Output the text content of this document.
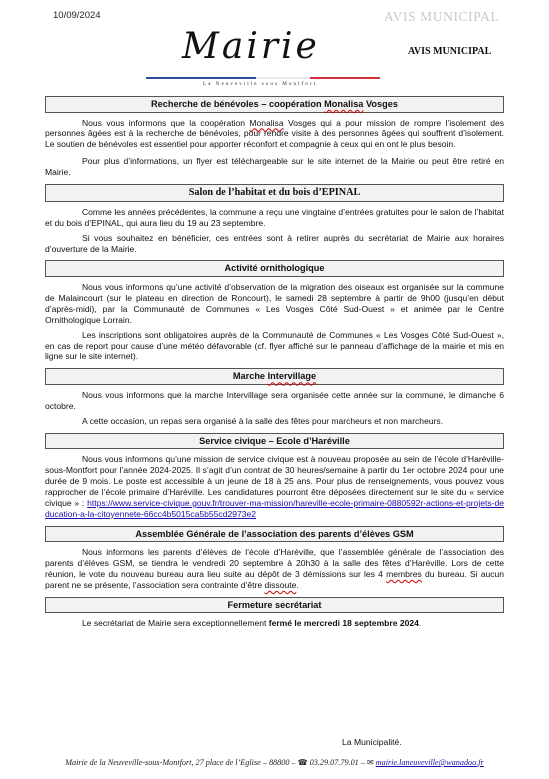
10/09/2024	AVIS MUNICIPAL
AVIS MUNICIPAL
Mairie
La Neuveville sous Montfort
Recherche de bénévoles – coopération Monalisa Vosges

Nous vous informons que la coopération Monalisa Vosges qui a pour mission de rompre l’isolement des personnes âgées est à la recherche de bénévoles, pour rendre visite à des personnes âgées qui souffrent d’isolement. Le soutien de bénévoles est essentiel pour apporter réconfort et compagnie à ceux qui en ont le plus besoin.

Pour plus d’informations, un flyer est téléchargeable sur le site internet de la Mairie ou peut être retiré en Mairie.

Salon de l’habitat et du bois d’EPINAL

Comme les années précédentes, la commune a reçu une vingtaine d’entrées gratuites pour le salon de l’habitat et du bois d’EPINAL, qui aura lieu du 19 au 23 septembre.

Si vous souhaitez en bénéficier, ces entrées sont à retirer auprès du secrétariat de Mairie aux horaires d’ouverture de la Mairie.

Activité ornithologique

Nous vous informons qu’une activité d’observation de la migration des oiseaux est organisée sur la commune de Malaincourt (sur le plateau en direction de Roncourt), le samedi 28 septembre à partir de 9h00 (jusqu’en début d’après-midi), par la Communauté de Communes « Les Vosges Côté Sud-Ouest » et animée par le Centre Ornithologique Lorrain.

Les inscriptions sont obligatoires auprès de la Communauté de Communes « Les Vosges Côté Sud-Ouest », en cas de report pour cause d’une météo défavorable (cf. flyer affiché sur le panneau d’affichage de la mairie et mis en ligne sur le site internet).

Marche Intervillage

Nous vous informons que la marche Intervillage sera organisée cette année sur la commune, le dimanche 6 octobre.

A cette occasion, un repas sera organisé à la salle des fêtes pour marcheurs et non marcheurs.

Service civique – Ecole d’Haréville

Nous vous informons qu’une mission de service civique est à nouveau proposée au sein de l’école d’Haréville-sous-Montfort pour l’année 2024-2025. Il s’agit d’un contrat de 30 heures/semaine à partir du 1er octobre 2024 pour une durée de 9 mois. Le poste est accessible à un jeune de 18 à 25 ans. Pour plus de renseignements, vous pouvez vous rapprocher de l’école primaire d’Haréville. Les candidatures pourront être déposées directement sur le site du « service civique » : https://www.service-civique.gouv.fr/trouver-ma-mission/hareville-ecole-primaire-0880592r-actions-et-projets-deducation-a-la-citoyennete-66cc4b5015ca5b55cd2973e2

Assemblée Générale de l’association des parents d’élèves GSM

Nous informons les parents d’élèves de l’école d’Haréville, que l’assemblée générale de l’association des parents d’élèves GSM, se tiendra le vendredi 20 septembre à 20h30 à la salle des fêtes d’Haréville. Lors de cette réunion, le vote du nouveau bureau aura lieu suite au dépôt de 3 démissions sur les 4 membres du bureau. Si aucun parent ne se présente, l’association sera contrainte d’être dissoute.

Fermeture secrétariat

Le secrétariat de Mairie sera exceptionnellement fermé le mercredi 18 septembre 2024.

La Municipalité.
Mairie de la Neuveville-sous-Montfort, 27 place de l’Eglise – 88800 – ☎ 03.29.07.79.01 – ✉ mairie.laneuveville@wanadoo.fr
